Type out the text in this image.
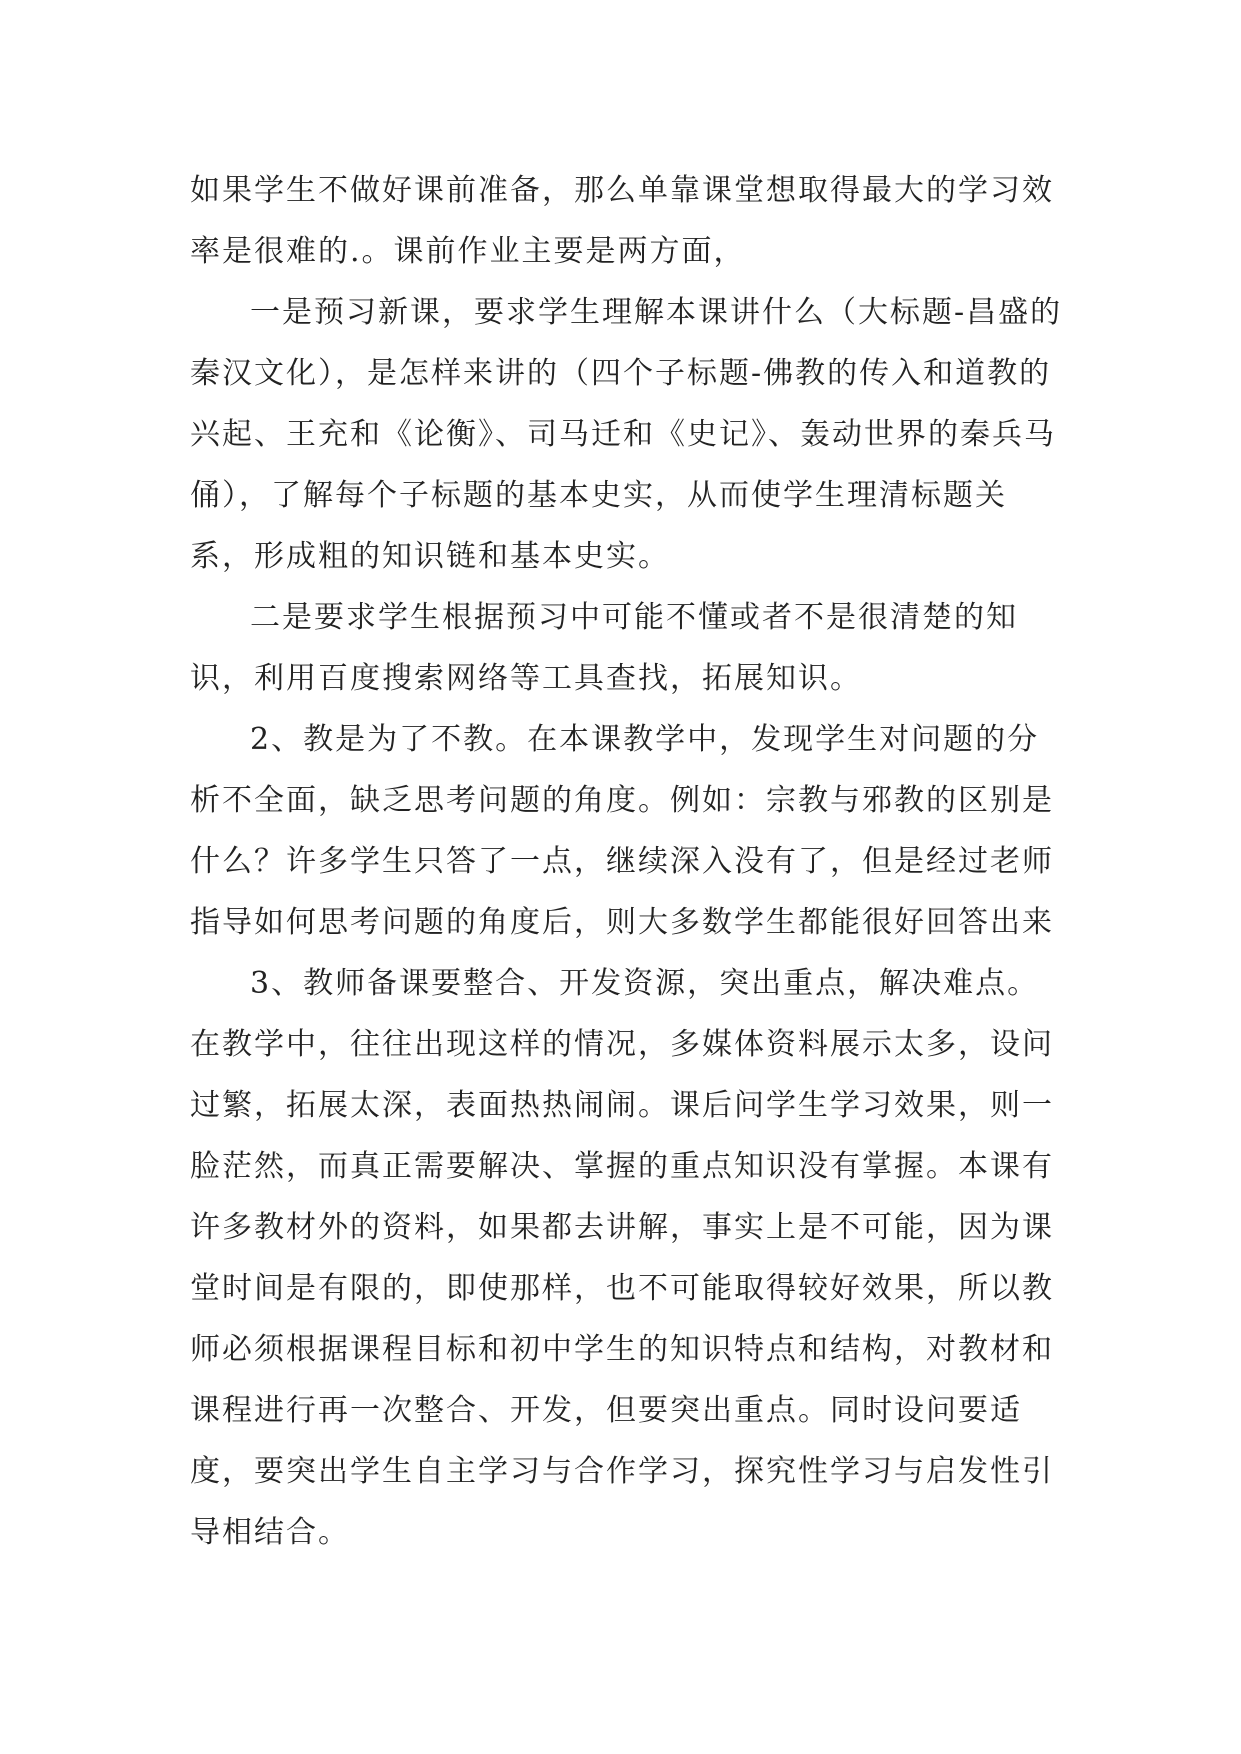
如果学生不做好课前准备，那么单靠课堂想取得最大的学习效率是很难的.。课前作业主要是两方面，

一是预习新课，要求学生理解本课讲什么（大标题-昌盛的秦汉文化），是怎样来讲的（四个子标题-佛教的传入和道教的兴起、王充和《论衡》、司马迁和《史记》、轰动世界的秦兵马俑），了解每个子标题的基本史实，从而使学生理清标题关系，形成粗的知识链和基本史实。

二是要求学生根据预习中可能不懂或者不是很清楚的知识，利用百度搜索网络等工具查找，拓展知识。

2、教是为了不教。在本课教学中，发现学生对问题的分析不全面，缺乏思考问题的角度。例如：宗教与邪教的区别是什么？许多学生只答了一点，继续深入没有了，但是经过老师指导如何思考问题的角度后，则大多数学生都能很好回答出来

3、教师备课要整合、开发资源，突出重点，解决难点。在教学中，往往出现这样的情况，多媒体资料展示太多，设问过繁，拓展太深，表面热热闹闹。课后问学生学习效果，则一脸茫然，而真正需要解决、掌握的重点知识没有掌握。本课有许多教材外的资料，如果都去讲解，事实上是不可能，因为课堂时间是有限的，即使那样，也不可能取得较好效果，所以教师必须根据课程目标和初中学生的知识特点和结构，对教材和课程进行再一次整合、开发，但要突出重点。同时设问要适度，要突出学生自主学习与合作学习，探究性学习与启发性引导相结合。
